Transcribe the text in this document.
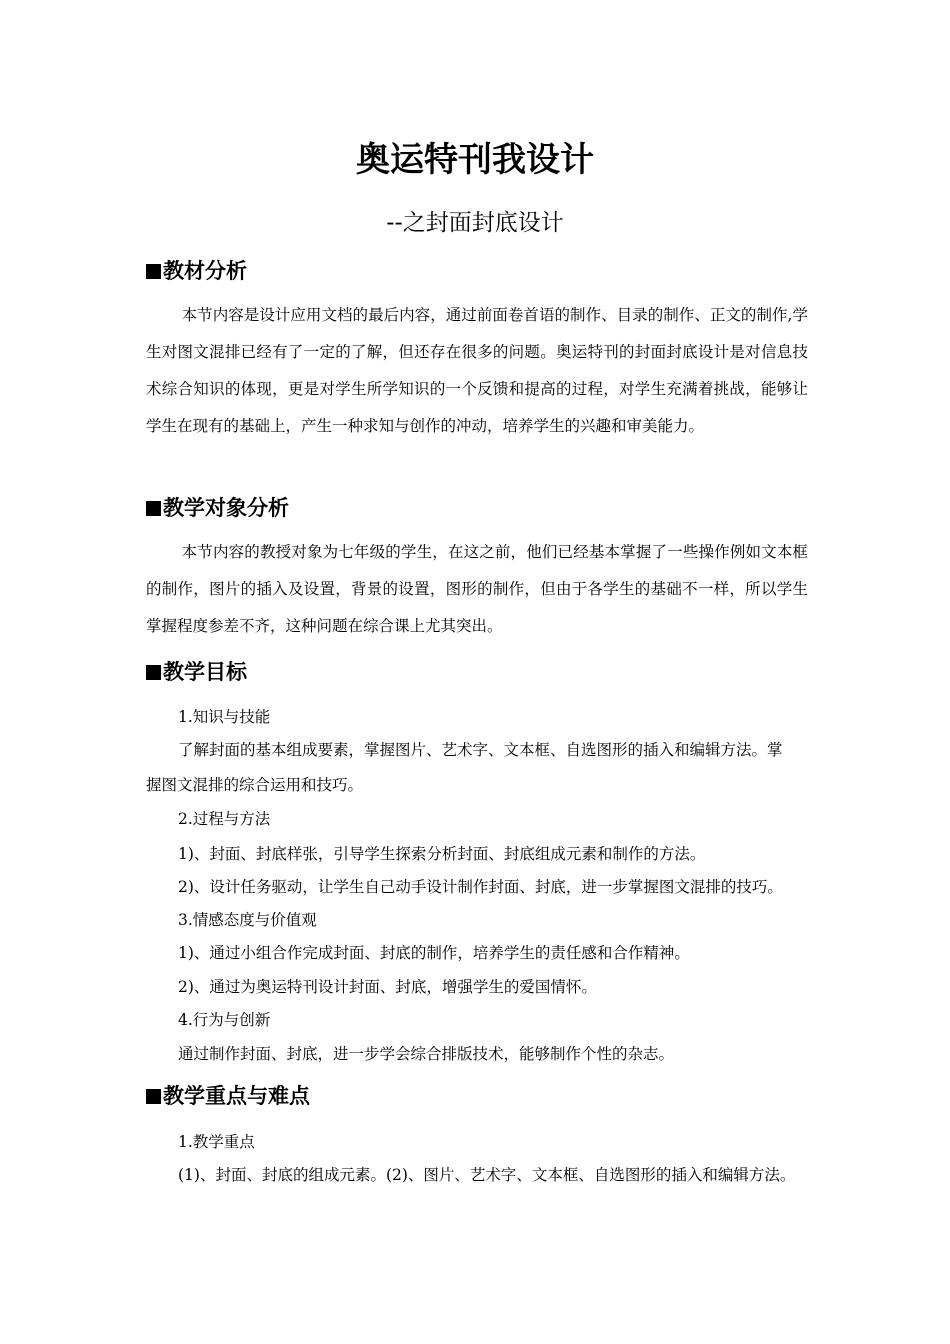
奥运特刊我设计
--之封面封底设计
教材分析

本节内容是设计应用文档的最后内容，通过前面卷首语的制作、目录的制作、正文的制作,学生对图文混排已经有了一定的了解，但还存在很多的问题。奥运特刊的封面封底设计是对信息技术综合知识的体现，更是对学生所学知识的一个反馈和提高的过程，对学生充满着挑战，能够让学生在现有的基础上，产生一种求知与创作的冲动，培养学生的兴趣和审美能力。

教学对象分析

本节内容的教授对象为七年级的学生，在这之前，他们已经基本掌握了一些操作例如文本框的制作，图片的插入及设置，背景的设置，图形的制作，但由于各学生的基础不一样，所以学生掌握程度参差不齐，这种问题在综合课上尤其突出。

教学目标
1.知识与技能
了解封面的基本组成要素，掌握图片、艺术字、文本框、自选图形的插入和编辑方法。掌
握图文混排的综合运用和技巧。
2.过程与方法
1)、封面、封底样张，引导学生探索分析封面、封底组成元素和制作的方法。
2)、设计任务驱动，让学生自己动手设计制作封面、封底，进一步掌握图文混排的技巧。
3.情感态度与价值观
1)、通过小组合作完成封面、封底的制作，培养学生的责任感和合作精神。
2)、通过为奥运特刊设计封面、封底，增强学生的爱国情怀。
4.行为与创新
通过制作封面、封底，进一步学会综合排版技术，能够制作个性的杂志。
教学重点与难点
1.教学重点
(1)、封面、封底的组成元素。(2)、图片、艺术字、文本框、自选图形的插入和编辑方法。
